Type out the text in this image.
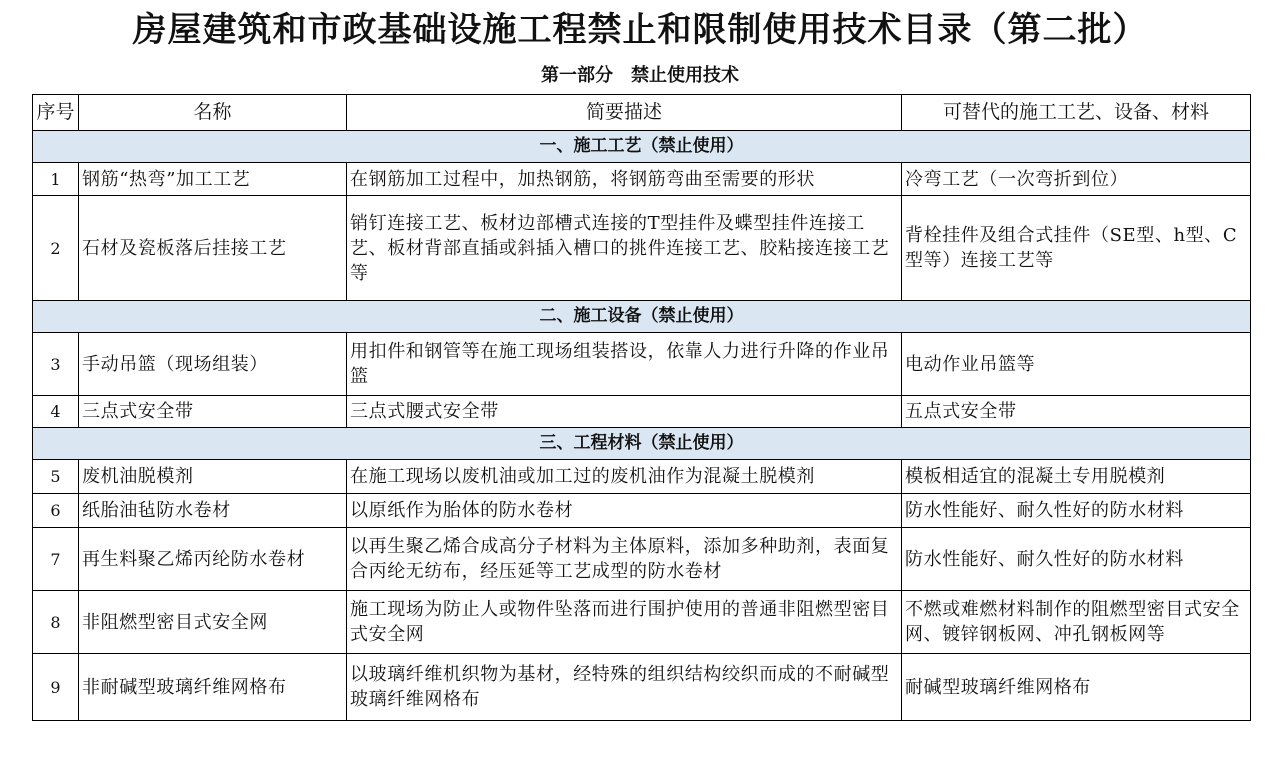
房屋建筑和市政基础设施工程禁止和限制使用技术目录（第二批）
第一部分　禁止使用技术
序号	名称	简要描述	可替代的施工工艺、设备、材料
一、施工工艺（禁止使用）			
1	钢筋“热弯”加工工艺	在钢筋加工过程中，加热钢筋，将钢筋弯曲至需要的形状	冷弯工艺（一次弯折到位）
2	石材及瓷板落后挂接工艺	销钉连接工艺、板材边部槽式连接的T型挂件及蝶型挂件连接工艺、板材背部直插或斜插入槽口的挑件连接工艺、胶粘接连接工艺等	背栓挂件及组合式挂件（SE型、h型、C型等）连接工艺等
二、施工设备（禁止使用）			
3	手动吊篮（现场组装）	用扣件和钢管等在施工现场组装搭设，依靠人力进行升降的作业吊篮	电动作业吊篮等
4	三点式安全带	三点式腰式安全带	五点式安全带
三、工程材料（禁止使用）			
5	废机油脱模剂	在施工现场以废机油或加工过的废机油作为混凝土脱模剂	模板相适宜的混凝土专用脱模剂
6	纸胎油毡防水卷材	以原纸作为胎体的防水卷材	防水性能好、耐久性好的防水材料
7	再生料聚乙烯丙纶防水卷材	以再生聚乙烯合成高分子材料为主体原料，添加多种助剂，表面复合丙纶无纺布，经压延等工艺成型的防水卷材	防水性能好、耐久性好的防水材料
8	非阻燃型密目式安全网	施工现场为防止人或物件坠落而进行围护使用的普通非阻燃型密目式安全网	不燃或难燃材料制作的阻燃型密目式安全网、镀锌钢板网、冲孔钢板网等
9	非耐碱型玻璃纤维网格布	以玻璃纤维机织物为基材，经特殊的组织结构绞织而成的不耐碱型玻璃纤维网格布	耐碱型玻璃纤维网格布
